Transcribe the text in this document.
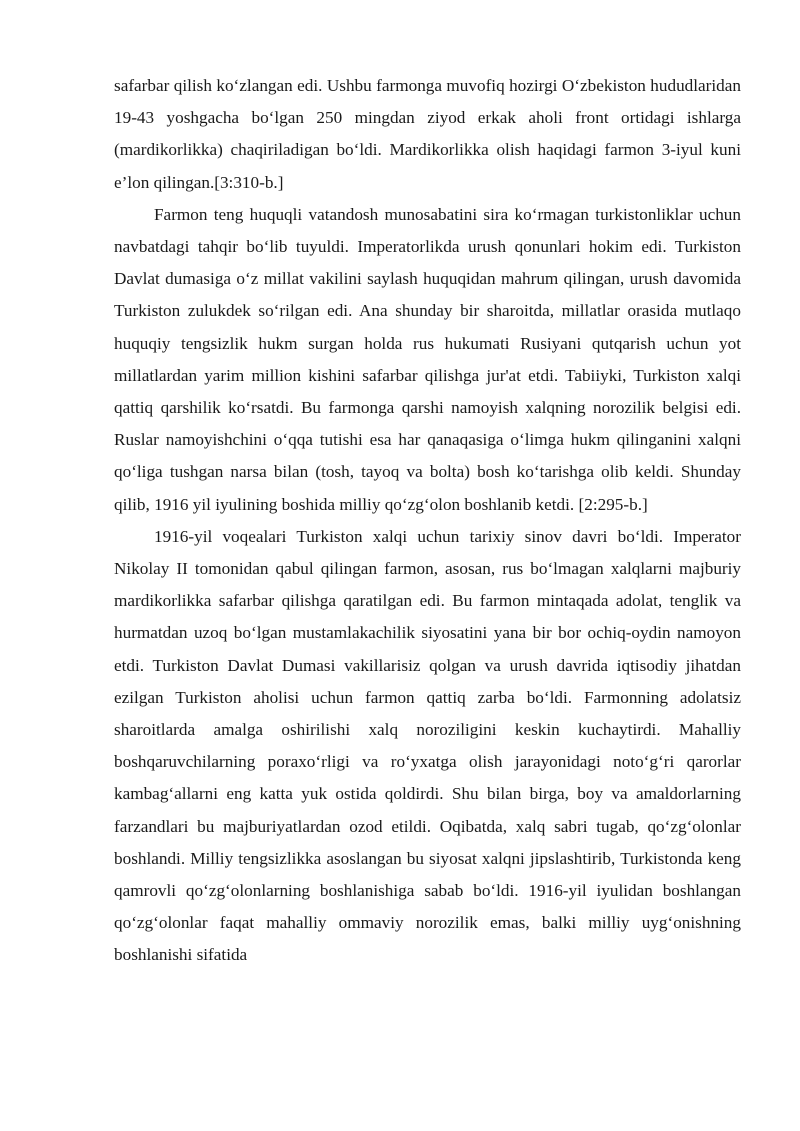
safarbar qilish ko‘zlangan edi. Ushbu farmonga muvofiq hozirgi O‘zbekiston hududlaridan 19-43 yoshgacha bo‘lgan 250 mingdan ziyod erkak aholi front ortidagi ishlarga (mardikorlikka) chaqiriladigan bo‘ldi. Mardikorlikka olish haqidagi farmon 3-iyul kuni e’lon qilingan.[3:310-b.]

Farmon teng huquqli vatandosh munosabatini sira ko‘rmagan turkistonliklar uchun navbatdagi tahqir bo‘lib tuyuldi. Imperatorlikda urush qonunlari hokim edi. Turkiston Davlat dumasiga o‘z millat vakilini saylash huquqidan mahrum qilingan, urush davomida Turkiston zulukdek so‘rilgan edi. Ana shunday bir sharoitda, millatlar orasida mutlaqo huquqiy tengsizlik hukm surgan holda rus hukumati Rusiyani qutqarish uchun yot millatlardan yarim million kishini safarbar qilishga jur'at etdi. Tabiiyki, Turkiston xalqi qattiq qarshilik ko‘rsatdi. Bu farmonga qarshi namoyish xalqning norozilik belgisi edi. Ruslar namoyishchini o‘qqa tutishi esa har qanaqasiga o‘limga hukm qilinganini xalqni qo‘liga tushgan narsa bilan (tosh, tayoq va bolta) bosh ko‘tarishga olib keldi. Shunday qilib, 1916 yil iyulining boshida milliy qo‘zg‘olon boshlanib ketdi. [2:295-b.]

1916-yil voqealari Turkiston xalqi uchun tarixiy sinov davri bo‘ldi. Imperator Nikolay II tomonidan qabul qilingan farmon, asosan, rus bo‘lmagan xalqlarni majburiy mardikorlikka safarbar qilishga qaratilgan edi. Bu farmon mintaqada adolat, tenglik va hurmatdan uzoq bo‘lgan mustamlakachilik siyosatini yana bir bor ochiq-oydin namoyon etdi. Turkiston Davlat Dumasi vakillarisiz qolgan va urush davrida iqtisodiy jihatdan ezilgan Turkiston aholisi uchun farmon qattiq zarba bo‘ldi. Farmonning adolatsiz sharoitlarda amalga oshirilishi xalq noroziligini keskin kuchaytirdi. Mahalliy boshqaruvchilarning poraxo‘rligi va ro‘yxatga olish jarayonidagi noto‘g‘ri qarorlar kambag‘allarni eng katta yuk ostida qoldirdi. Shu bilan birga, boy va amaldorlarning farzandlari bu majburiyatlardan ozod etildi. Oqibatda, xalq sabri tugab, qo‘zg‘olonlar boshlandi. Milliy tengsizlikka asoslangan bu siyosat xalqni jipslashtirib, Turkistonda keng qamrovli qo‘zg‘olonlarning boshlanishiga sabab bo‘ldi. 1916-yil iyulidan boshlangan qo‘zg‘olonlar faqat mahalliy ommaviy norozilik emas, balki milliy uyg‘onishning boshlanishi sifatida
